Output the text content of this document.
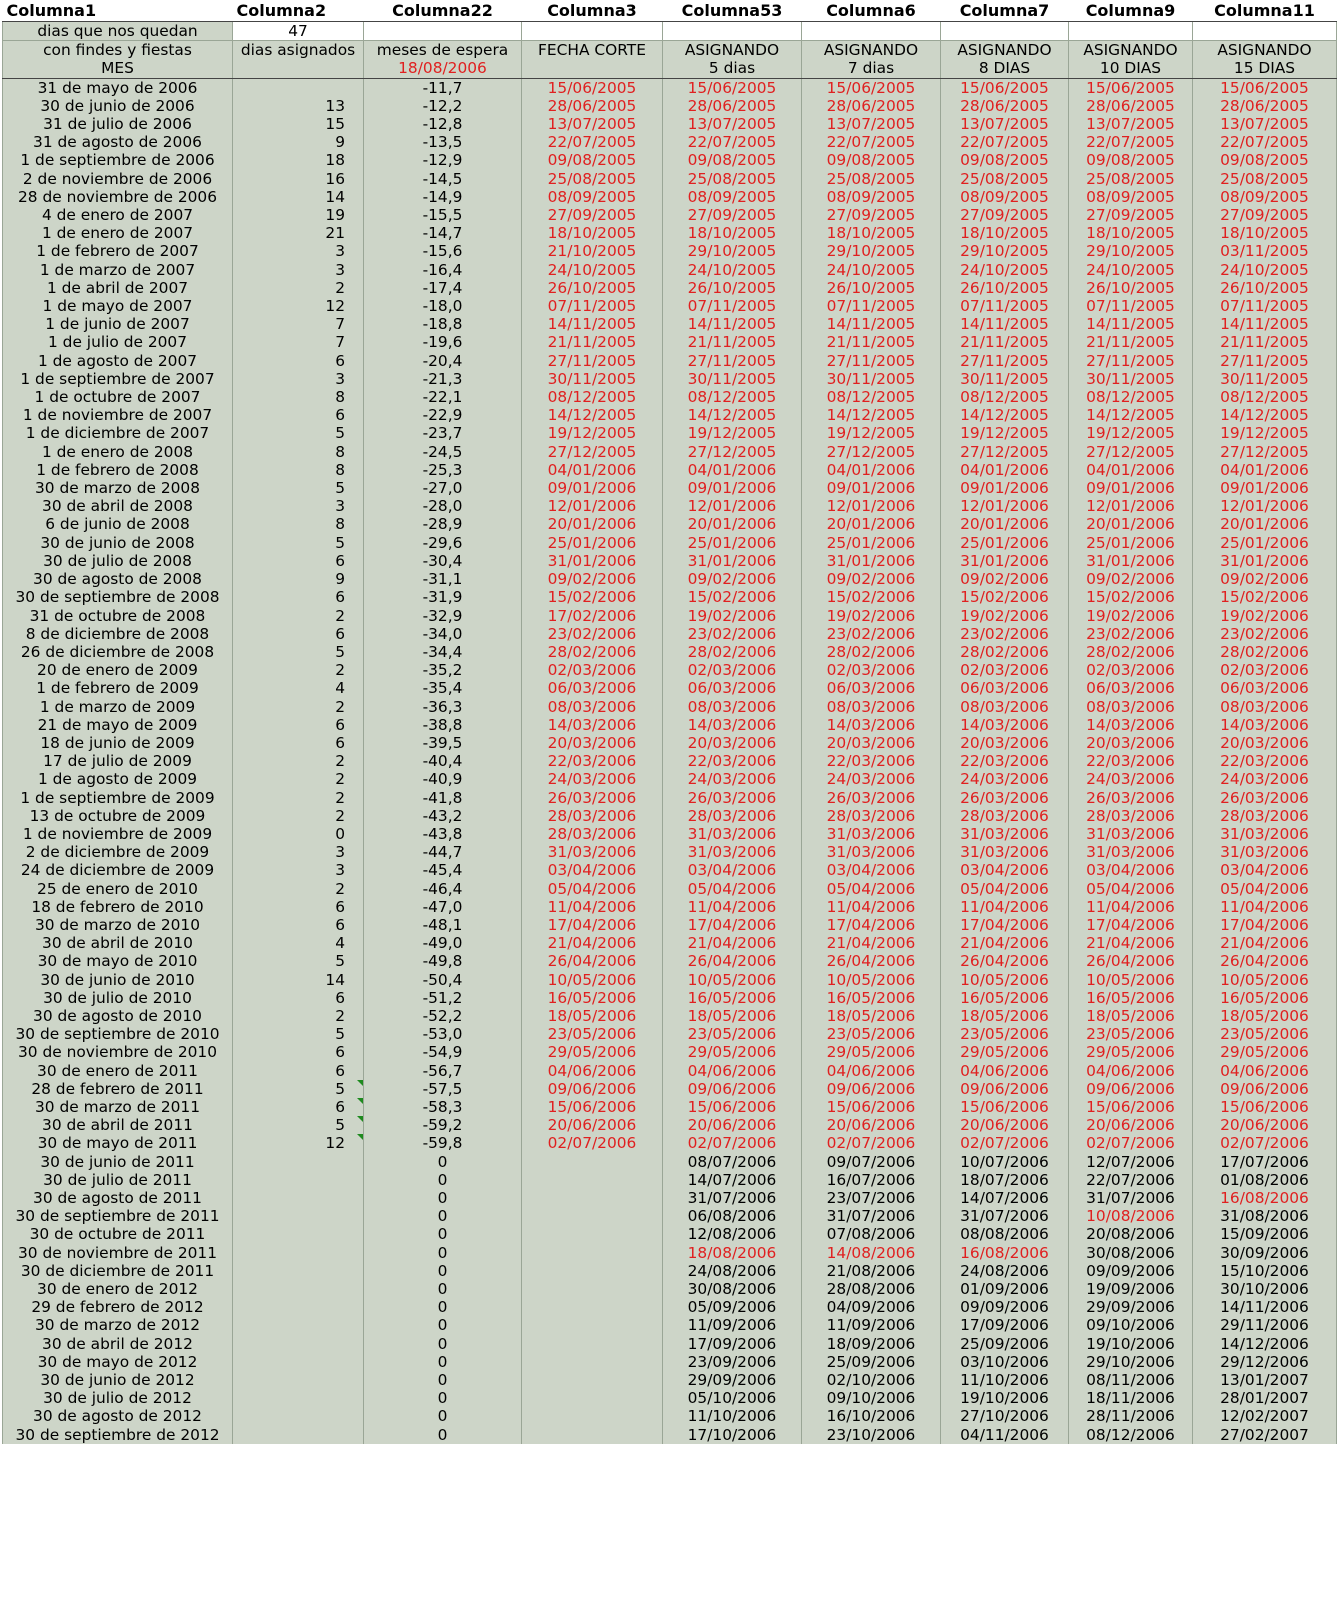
Columna1	Columna2	Columna22	Columna3	Columna53	Columna6	Columna7	Columna9	Columna11
dias que nos quedan	47							
con findes y fiestas	dias asignados	meses de espera	FECHA CORTE	ASIGNANDO	ASIGNANDO	ASIGNANDO	ASIGNANDO	ASIGNANDO
MES		18/08/2006		5 dias	7 dias	8 DIAS	10 DIAS	15 DIAS
31 de mayo de 2006		-11,7	15/06/2005	15/06/2005	15/06/2005	15/06/2005	15/06/2005	15/06/2005
30 de junio de 2006	13	-12,2	28/06/2005	28/06/2005	28/06/2005	28/06/2005	28/06/2005	28/06/2005
31 de julio de 2006	15	-12,8	13/07/2005	13/07/2005	13/07/2005	13/07/2005	13/07/2005	13/07/2005
31 de agosto de 2006	9	-13,5	22/07/2005	22/07/2005	22/07/2005	22/07/2005	22/07/2005	22/07/2005
1 de septiembre de 2006	18	-12,9	09/08/2005	09/08/2005	09/08/2005	09/08/2005	09/08/2005	09/08/2005
2 de noviembre de 2006	16	-14,5	25/08/2005	25/08/2005	25/08/2005	25/08/2005	25/08/2005	25/08/2005
28 de noviembre de 2006	14	-14,9	08/09/2005	08/09/2005	08/09/2005	08/09/2005	08/09/2005	08/09/2005
4 de enero de 2007	19	-15,5	27/09/2005	27/09/2005	27/09/2005	27/09/2005	27/09/2005	27/09/2005
1 de enero de 2007	21	-14,7	18/10/2005	18/10/2005	18/10/2005	18/10/2005	18/10/2005	18/10/2005
1 de febrero de 2007	3	-15,6	21/10/2005	29/10/2005	29/10/2005	29/10/2005	29/10/2005	03/11/2005
1 de marzo de 2007	3	-16,4	24/10/2005	24/10/2005	24/10/2005	24/10/2005	24/10/2005	24/10/2005
1 de abril de 2007	2	-17,4	26/10/2005	26/10/2005	26/10/2005	26/10/2005	26/10/2005	26/10/2005
1 de mayo de 2007	12	-18,0	07/11/2005	07/11/2005	07/11/2005	07/11/2005	07/11/2005	07/11/2005
1 de junio de 2007	7	-18,8	14/11/2005	14/11/2005	14/11/2005	14/11/2005	14/11/2005	14/11/2005
1 de julio de 2007	7	-19,6	21/11/2005	21/11/2005	21/11/2005	21/11/2005	21/11/2005	21/11/2005
1 de agosto de 2007	6	-20,4	27/11/2005	27/11/2005	27/11/2005	27/11/2005	27/11/2005	27/11/2005
1 de septiembre de 2007	3	-21,3	30/11/2005	30/11/2005	30/11/2005	30/11/2005	30/11/2005	30/11/2005
1 de octubre de 2007	8	-22,1	08/12/2005	08/12/2005	08/12/2005	08/12/2005	08/12/2005	08/12/2005
1 de noviembre de 2007	6	-22,9	14/12/2005	14/12/2005	14/12/2005	14/12/2005	14/12/2005	14/12/2005
1 de diciembre de 2007	5	-23,7	19/12/2005	19/12/2005	19/12/2005	19/12/2005	19/12/2005	19/12/2005
1 de enero de 2008	8	-24,5	27/12/2005	27/12/2005	27/12/2005	27/12/2005	27/12/2005	27/12/2005
1 de febrero de 2008	8	-25,3	04/01/2006	04/01/2006	04/01/2006	04/01/2006	04/01/2006	04/01/2006
30 de marzo de 2008	5	-27,0	09/01/2006	09/01/2006	09/01/2006	09/01/2006	09/01/2006	09/01/2006
30 de abril de 2008	3	-28,0	12/01/2006	12/01/2006	12/01/2006	12/01/2006	12/01/2006	12/01/2006
6 de junio de 2008	8	-28,9	20/01/2006	20/01/2006	20/01/2006	20/01/2006	20/01/2006	20/01/2006
30 de junio de 2008	5	-29,6	25/01/2006	25/01/2006	25/01/2006	25/01/2006	25/01/2006	25/01/2006
30 de julio de 2008	6	-30,4	31/01/2006	31/01/2006	31/01/2006	31/01/2006	31/01/2006	31/01/2006
30 de agosto de 2008	9	-31,1	09/02/2006	09/02/2006	09/02/2006	09/02/2006	09/02/2006	09/02/2006
30 de septiembre de 2008	6	-31,9	15/02/2006	15/02/2006	15/02/2006	15/02/2006	15/02/2006	15/02/2006
31 de octubre de 2008	2	-32,9	17/02/2006	19/02/2006	19/02/2006	19/02/2006	19/02/2006	19/02/2006
8 de diciembre de 2008	6	-34,0	23/02/2006	23/02/2006	23/02/2006	23/02/2006	23/02/2006	23/02/2006
26 de diciembre de 2008	5	-34,4	28/02/2006	28/02/2006	28/02/2006	28/02/2006	28/02/2006	28/02/2006
20 de enero de 2009	2	-35,2	02/03/2006	02/03/2006	02/03/2006	02/03/2006	02/03/2006	02/03/2006
1 de febrero de 2009	4	-35,4	06/03/2006	06/03/2006	06/03/2006	06/03/2006	06/03/2006	06/03/2006
1 de marzo de 2009	2	-36,3	08/03/2006	08/03/2006	08/03/2006	08/03/2006	08/03/2006	08/03/2006
21 de mayo de 2009	6	-38,8	14/03/2006	14/03/2006	14/03/2006	14/03/2006	14/03/2006	14/03/2006
18 de junio de 2009	6	-39,5	20/03/2006	20/03/2006	20/03/2006	20/03/2006	20/03/2006	20/03/2006
17 de julio de 2009	2	-40,4	22/03/2006	22/03/2006	22/03/2006	22/03/2006	22/03/2006	22/03/2006
1 de agosto de 2009	2	-40,9	24/03/2006	24/03/2006	24/03/2006	24/03/2006	24/03/2006	24/03/2006
1 de septiembre de 2009	2	-41,8	26/03/2006	26/03/2006	26/03/2006	26/03/2006	26/03/2006	26/03/2006
13 de octubre de 2009	2	-43,2	28/03/2006	28/03/2006	28/03/2006	28/03/2006	28/03/2006	28/03/2006
1 de noviembre de 2009	0	-43,8	28/03/2006	31/03/2006	31/03/2006	31/03/2006	31/03/2006	31/03/2006
2 de diciembre de 2009	3	-44,7	31/03/2006	31/03/2006	31/03/2006	31/03/2006	31/03/2006	31/03/2006
24 de diciembre de 2009	3	-45,4	03/04/2006	03/04/2006	03/04/2006	03/04/2006	03/04/2006	03/04/2006
25 de enero de 2010	2	-46,4	05/04/2006	05/04/2006	05/04/2006	05/04/2006	05/04/2006	05/04/2006
18 de febrero de 2010	6	-47,0	11/04/2006	11/04/2006	11/04/2006	11/04/2006	11/04/2006	11/04/2006
30 de marzo de 2010	6	-48,1	17/04/2006	17/04/2006	17/04/2006	17/04/2006	17/04/2006	17/04/2006
30 de abril de 2010	4	-49,0	21/04/2006	21/04/2006	21/04/2006	21/04/2006	21/04/2006	21/04/2006
30 de mayo de 2010	5	-49,8	26/04/2006	26/04/2006	26/04/2006	26/04/2006	26/04/2006	26/04/2006
30 de junio de 2010	14	-50,4	10/05/2006	10/05/2006	10/05/2006	10/05/2006	10/05/2006	10/05/2006
30 de julio de 2010	6	-51,2	16/05/2006	16/05/2006	16/05/2006	16/05/2006	16/05/2006	16/05/2006
30 de agosto de 2010	2	-52,2	18/05/2006	18/05/2006	18/05/2006	18/05/2006	18/05/2006	18/05/2006
30 de septiembre de 2010	5	-53,0	23/05/2006	23/05/2006	23/05/2006	23/05/2006	23/05/2006	23/05/2006
30 de noviembre de 2010	6	-54,9	29/05/2006	29/05/2006	29/05/2006	29/05/2006	29/05/2006	29/05/2006
30 de enero de 2011	6	-56,7	04/06/2006	04/06/2006	04/06/2006	04/06/2006	04/06/2006	04/06/2006
28 de febrero de 2011	5	-57,5	09/06/2006	09/06/2006	09/06/2006	09/06/2006	09/06/2006	09/06/2006
30 de marzo de 2011	6	-58,3	15/06/2006	15/06/2006	15/06/2006	15/06/2006	15/06/2006	15/06/2006
30 de abril de 2011	5	-59,2	20/06/2006	20/06/2006	20/06/2006	20/06/2006	20/06/2006	20/06/2006
30 de mayo de 2011	12	-59,8	02/07/2006	02/07/2006	02/07/2006	02/07/2006	02/07/2006	02/07/2006
30 de junio de 2011		0		08/07/2006	09/07/2006	10/07/2006	12/07/2006	17/07/2006
30 de julio de 2011		0		14/07/2006	16/07/2006	18/07/2006	22/07/2006	01/08/2006
30 de agosto de 2011		0		31/07/2006	23/07/2006	14/07/2006	31/07/2006	16/08/2006
30 de septiembre de 2011		0		06/08/2006	31/07/2006	31/07/2006	10/08/2006	31/08/2006
30 de octubre de 2011		0		12/08/2006	07/08/2006	08/08/2006	20/08/2006	15/09/2006
30 de noviembre de 2011		0		18/08/2006	14/08/2006	16/08/2006	30/08/2006	30/09/2006
30 de diciembre de 2011		0		24/08/2006	21/08/2006	24/08/2006	09/09/2006	15/10/2006
30 de enero de 2012		0		30/08/2006	28/08/2006	01/09/2006	19/09/2006	30/10/2006
29 de febrero de 2012		0		05/09/2006	04/09/2006	09/09/2006	29/09/2006	14/11/2006
30 de marzo de 2012		0		11/09/2006	11/09/2006	17/09/2006	09/10/2006	29/11/2006
30 de abril de 2012		0		17/09/2006	18/09/2006	25/09/2006	19/10/2006	14/12/2006
30 de mayo de 2012		0		23/09/2006	25/09/2006	03/10/2006	29/10/2006	29/12/2006
30 de junio de 2012		0		29/09/2006	02/10/2006	11/10/2006	08/11/2006	13/01/2007
30 de julio de 2012		0		05/10/2006	09/10/2006	19/10/2006	18/11/2006	28/01/2007
30 de agosto de 2012		0		11/10/2006	16/10/2006	27/10/2006	28/11/2006	12/02/2007
30 de septiembre de 2012		0		17/10/2006	23/10/2006	04/11/2006	08/12/2006	27/02/2007
